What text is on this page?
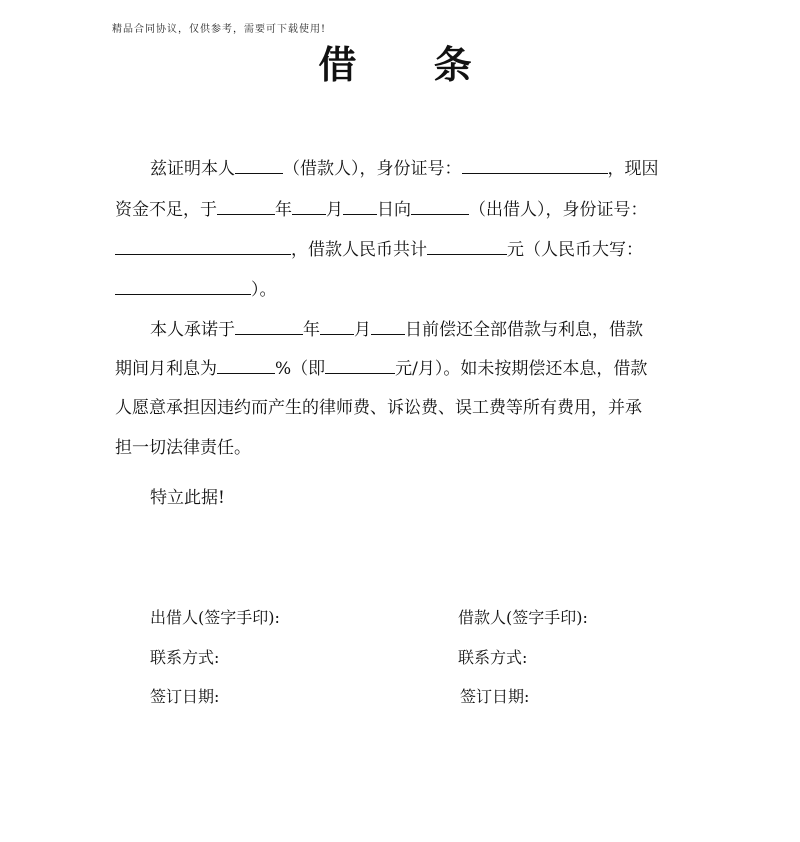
精品合同协议，仅供参考，需要可下载使用!
借 条
兹证明本人	（借款人），身份证号：	，现因
资金不足，于	年 月 日向	（出借人），身份证号：
，借款人民币共计	元（人民币大写：
）。
本人承诺于	年 月 日前偿还全部借款与利息，借款
期间月利息为	%（即	元/月）。如未按期偿还本息，借款
人愿意承担因违约而产生的律师费、诉讼费、误工费等所有费用，并承
担一切法律责任。
特立此据!
出借人(签字手印):	借款人(签字手印):
联系方式:	联系方式:
签订日期:	签订日期:
